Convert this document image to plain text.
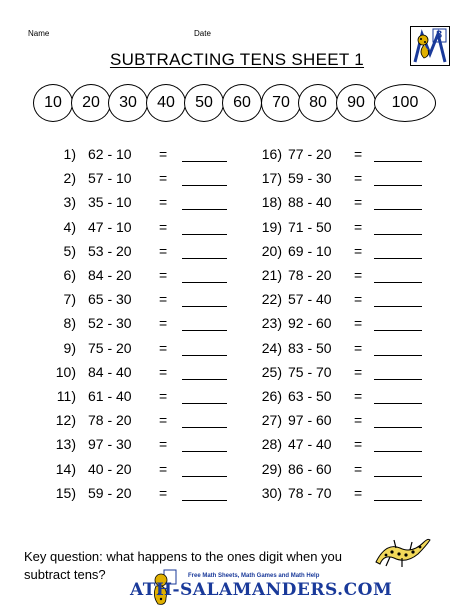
Name	Date	3
SUBTRACTING TENS SHEET 1
10	20	30	40	50	60	70	80	90	100
1) 62 - 10 =
2) 57 - 10 =
3) 35 - 10 =
4) 47 - 10 =
5) 53 - 20 =
6) 84 - 20 =
7) 65 - 30 =
8) 52 - 30 =
9) 75 - 20 =
10) 84 - 40 =
11) 61 - 40 =
12) 78 - 20 =
13) 97 - 30 =
14) 40 - 20 =
15) 59 - 20 =
16) 77 - 20 =
17) 59 - 30 =
18) 88 - 40 =
19) 71 - 50 =
20) 69 - 10 =
21) 78 - 20 =
22) 57 - 40 =
23) 92 - 60 =
24) 83 - 50 =
25) 75 - 70 =
26) 63 - 50 =
27) 97 - 60 =
28) 47 - 40 =
29) 86 - 60 =
30) 78 - 70 =
Key question: what happens to the ones digit when you subtract tens?	Free Math Sheets, Math Games and Math Help
ATH-SALAMANDERS.COM
